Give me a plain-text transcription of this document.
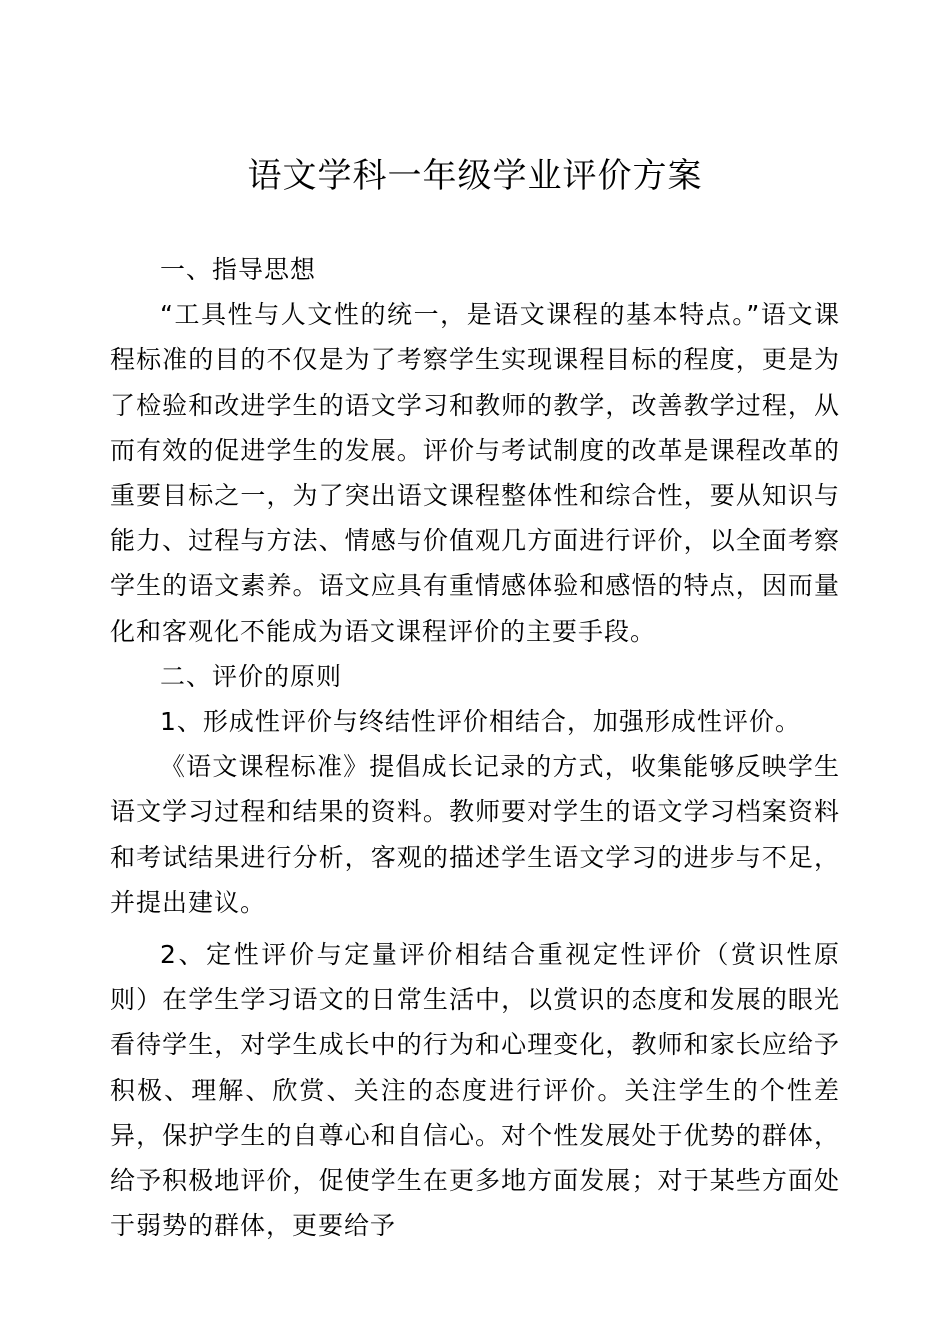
语文学科一年级学业评价方案

一、指导思想

“工具性与人文性的统一，是语文课程的基本特点。”语文课程标准的目的不仅是为了考察学生实现课程目标的程度，更是为了检验和改进学生的语文学习和教师的教学，改善教学过程，从而有效的促进学生的发展。评价与考试制度的改革是课程改革的重要目标之一，为了突出语文课程整体性和综合性，要从知识与能力、过程与方法、情感与价值观几方面进行评价，以全面考察学生的语文素养。语文应具有重情感体验和感悟的特点，因而量化和客观化不能成为语文课程评价的主要手段。

二、评价的原则

1、形成性评价与终结性评价相结合，加强形成性评价。

《语文课程标准》提倡成长记录的方式，收集能够反映学生语文学习过程和结果的资料。教师要对学生的语文学习档案资料和考试结果进行分析，客观的描述学生语文学习的进步与不足，并提出建议。

2、定性评价与定量评价相结合重视定性评价（赏识性原则）在学生学习语文的日常生活中，以赏识的态度和发展的眼光看待学生，对学生成长中的行为和心理变化，教师和家长应给予积极、理解、欣赏、关注的态度进行评价。关注学生的个性差异，保护学生的自尊心和自信心。对个性发展处于优势的群体，给予积极地评价，促使学生在更多地方面发展；对于某些方面处于弱势的群体，更要给予
